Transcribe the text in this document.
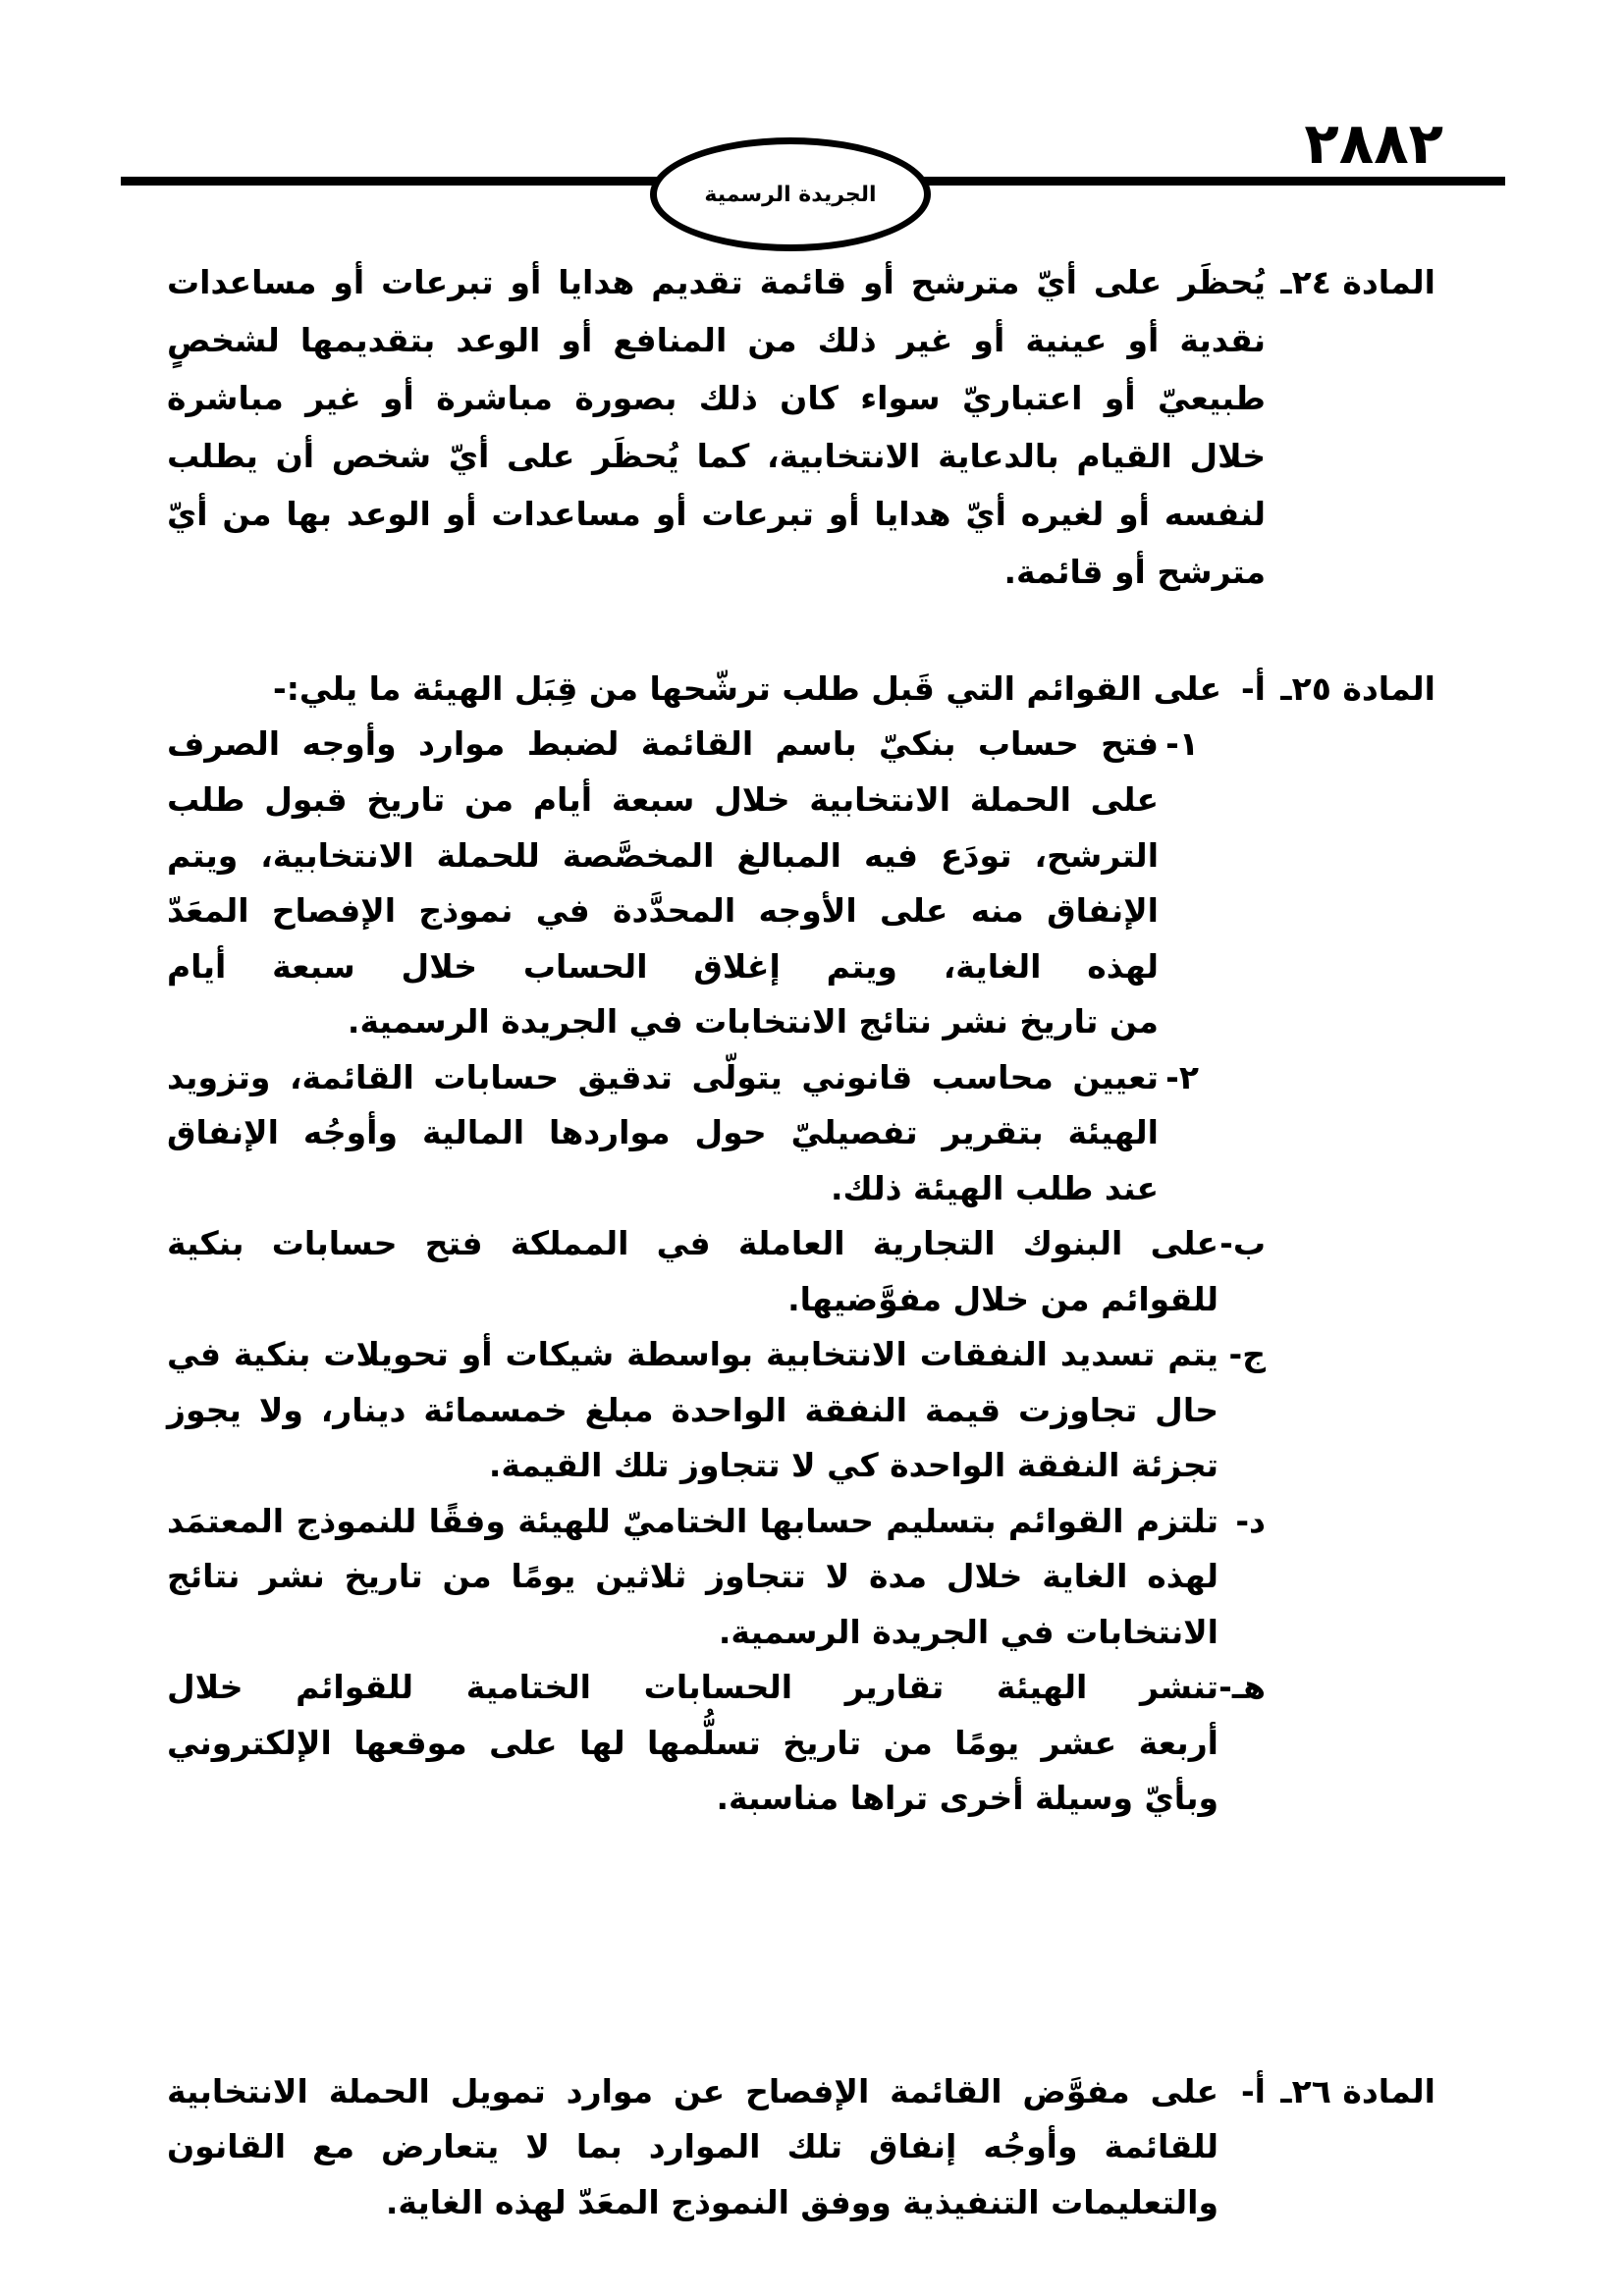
٢٨٨٢
الجريدة الرسمية
المادة ٢٤ـ
يُحظَر على أيّ مترشح أو قائمة تقديم هدايا أو تبرعات أو مساعدات
نقدية أو عينية أو غير ذلك من المنافع أو الوعد بتقديمها لشخصٍ
طبيعيّ أو اعتباريّ سواء كان ذلك بصورة مباشرة أو غير مباشرة
خلال القيام بالدعاية الانتخابية، كما يُحظَر على أيّ شخص أن يطلب
لنفسه أو لغيره أيّ هدايا أو تبرعات أو مساعدات أو الوعد بها من أيّ
مترشح أو قائمة.
المادة ٢٥ـ
أ-
على القوائم التي قَبل طلب ترشّحها من قِبَل الهيئة ما يلي:-
١-
فتح حساب بنكيّ باسم القائمة لضبط موارد وأوجه الصرف
على الحملة الانتخابية خلال سبعة أيام من تاريخ قبول طلب
الترشح، تودَع فيه المبالغ المخصَّصة للحملة الانتخابية، ويتم
الإنفاق منه على الأوجه المحدَّدة في نموذج الإفصاح المعَدّ
لهذه الغاية، ويتم إغلاق الحساب خلال سبعة أيام
من تاريخ نشر نتائج الانتخابات في الجريدة الرسمية.
٢-
تعيين محاسب قانوني يتولّى تدقيق حسابات القائمة، وتزويد
الهيئة بتقرير تفصيليّ حول مواردها المالية وأوجُه الإنفاق
عند طلب الهيئة ذلك.
ب-
على البنوك التجارية العاملة في المملكة فتح حسابات بنكية
للقوائم من خلال مفوَّضيها.
ج-
يتم تسديد النفقات الانتخابية بواسطة شيكات أو تحويلات بنكية في
حال تجاوزت قيمة النفقة الواحدة مبلغ خمسمائة دينار، ولا يجوز
تجزئة النفقة الواحدة كي لا تتجاوز تلك القيمة.
د-
تلتزم القوائم بتسليم حسابها الختاميّ للهيئة وفقًا للنموذج المعتمَد
لهذه الغاية خلال مدة لا تتجاوز ثلاثين يومًا من تاريخ نشر نتائج
الانتخابات في الجريدة الرسمية.
هـ-
تنشر الهيئة تقارير الحسابات الختامية للقوائم خلال
أربعة عشر يومًا من تاريخ تسلُّمها لها على موقعها الإلكتروني
وبأيّ وسيلة أخرى تراها مناسبة.
المادة ٢٦ـ
أ-
على مفوَّض القائمة الإفصاح عن موارد تمويل الحملة الانتخابية
للقائمة وأوجُه إنفاق تلك الموارد بما لا يتعارض مع القانون
والتعليمات التنفيذية ووفق النموذج المعَدّ لهذه الغاية.
